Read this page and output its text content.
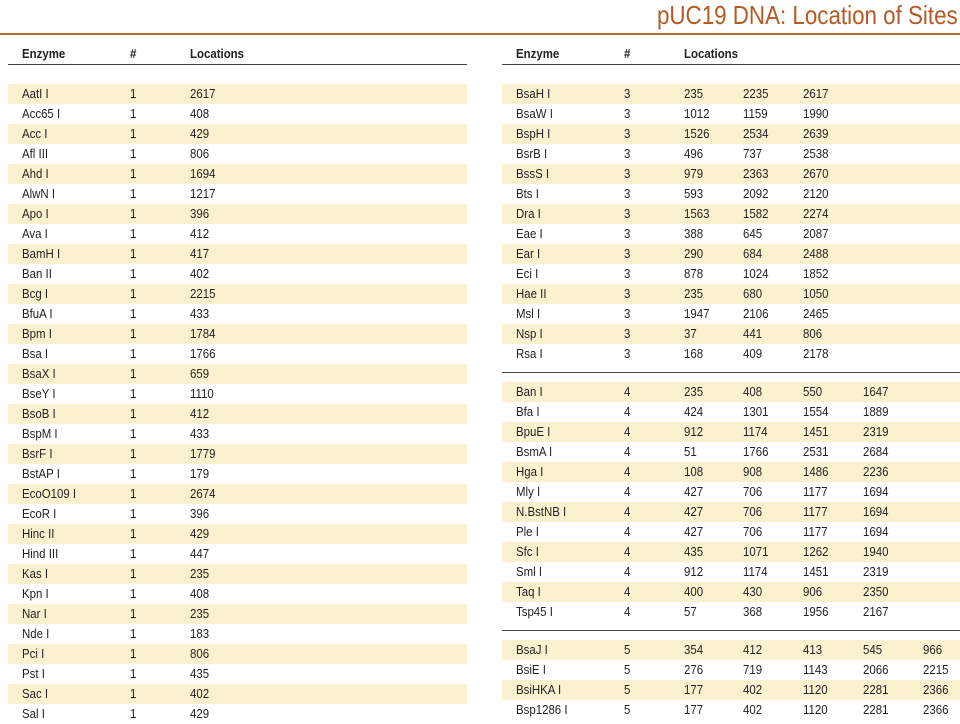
pUC19 DNA: Location of Sites
Enzyme	#	Locations
AatI I	1	2617
Acc65 I	1	408
Acc I	1	429
Afl III	1	806
Ahd I	1	1694
AlwN I	1	1217
Apo I	1	396
Ava I	1	412
BamH I	1	417
Ban II	1	402
Bcg I	1	2215
BfuA I	1	433
Bpm I	1	1784
Bsa I	1	1766
BsaX I	1	659
BseY I	1	1110
BsoB I	1	412
BspM I	1	433
BsrF I	1	1779
BstAP I	1	179
EcoO109 I	1	2674
EcoR I	1	396
Hinc II	1	429
Hind III	1	447
Kas I	1	235
Kpn I	1	408
Nar I	1	235
Nde I	1	183
Pci I	1	806
Pst I	1	435
Sac I	1	402
Sal I	1	429
Enzyme	#	Locations
BsaH I	3	235	2235	2617
BsaW I	3	1012	1159	1990
BspH I	3	1526	2534	2639
BsrB I	3	496	737	2538
BssS I	3	979	2363	2670
Bts I	3	593	2092	2120
Dra I	3	1563	1582	2274
Eae I	3	388	645	2087
Ear I	3	290	684	2488
Eci I	3	878	1024	1852
Hae II	3	235	680	1050
Msl I	3	1947	2106	2465
Nsp I	3	37	441	806
Rsa I	3	168	409	2178
Ban I	4	235	408	550	1647
Bfa I	4	424	1301	1554	1889
BpuE I	4	912	1174	1451	2319
BsmA I	4	51	1766	2531	2684
Hga I	4	108	908	1486	2236
Mly I	4	427	706	1177	1694
N.BstNB I	4	427	706	1177	1694
Ple I	4	427	706	1177	1694
Sfc I	4	435	1071	1262	1940
Sml I	4	912	1174	1451	2319
Taq I	4	400	430	906	2350
Tsp45 I	4	57	368	1956	2167
BsaJ I	5	354	412	413	545	966
BsiE I	5	276	719	1143	2066	2215
BsiHKA I	5	177	402	1120	2281	2366
Bsp1286 I	5	177	402	1120	2281	2366
